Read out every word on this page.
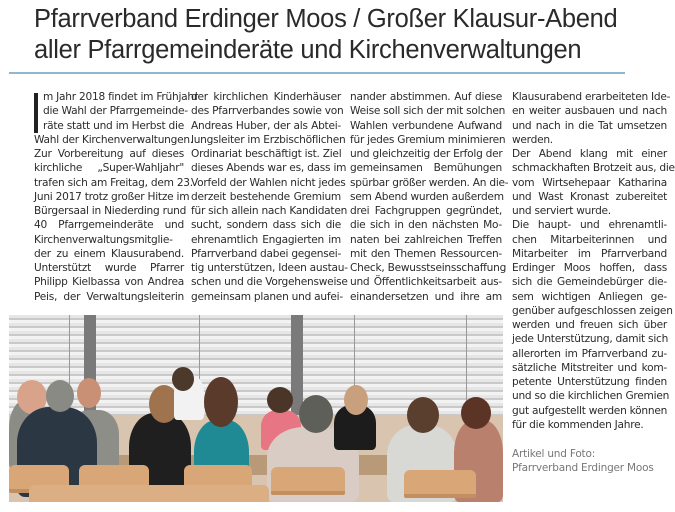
Pfarrverband Erdinger Moos / Großer Klausur-Abend
aller Pfarrgemeinderäte und Kirchenverwaltungen
m Jahr 2018 findet im Frühjahr
die Wahl der Pfarrgemeinde-
räte statt und im Herbst die
Wahl der Kirchenverwaltungen.
Zur Vorbereitung auf dieses
kirchliche „Super-Wahljahr"
trafen sich am Freitag, dem 23.
Juni 2017 trotz großer Hitze im
Bürgersaal in Niederding rund
40 Pfarrgemeinderäte und
Kirchenverwaltungsmitglie-
der zu einem Klausurabend.
Unterstützt wurde Pfarrer
Philipp Kielbassa von Andrea
Peis, der Verwaltungsleiterin
der kirchlichen Kinderhäuser
des Pfarrverbandes sowie von
Andreas Huber, der als Abtei-
lungsleiter im Erzbischöflichen
Ordinariat beschäftigt ist. Ziel
dieses Abends war es, dass im
Vorfeld der Wahlen nicht jedes
derzeit bestehende Gremium
für sich allein nach Kandidaten
sucht, sondern dass sich die
ehrenamtlich Engagierten im
Pfarrverband dabei gegensei-
tig unterstützen, Ideen austau-
schen und die Vorgehensweise
gemeinsam planen und aufei-
nander abstimmen. Auf diese
Weise soll sich der mit solchen
Wahlen verbundene Aufwand
für jedes Gremium minimieren
und gleichzeitig der Erfolg der
gemeinsamen Bemühungen
spürbar größer werden. An die-
sem Abend wurden außerdem
drei Fachgruppen gegründet,
die sich in den nächsten Mo-
naten bei zahlreichen Treffen
mit den Themen Ressourcen-
Check, Bewusstseinsschaffung
und Öffentlichkeitsarbeit aus-
einandersetzen und ihre am
Klausurabend erarbeiteten Ide-
en weiter ausbauen und nach
und nach in die Tat umsetzen
werden.
Der Abend klang mit einer
schmackhaften Brotzeit aus, die
vom Wirtsehepaar Katharina
und Wast Kronast zubereitet
und serviert wurde.
Die haupt- und ehrenamtli-
chen Mitarbeiterinnen und
Mitarbeiter im Pfarrverband
Erdinger Moos hoffen, dass
sich die Gemeindebürger die-
sem wichtigen Anliegen ge-
genüber aufgeschlossen zeigen
werden und freuen sich über
jede Unterstützung, damit sich
allerorten im Pfarrverband zu-
sätzliche Mitstreiter und kom-
petente Unterstützung finden
und so die kirchlichen Gremien
gut aufgestellt werden können
für die kommenden Jahre.
Artikel und Foto:
Pfarrverband Erdinger Moos
